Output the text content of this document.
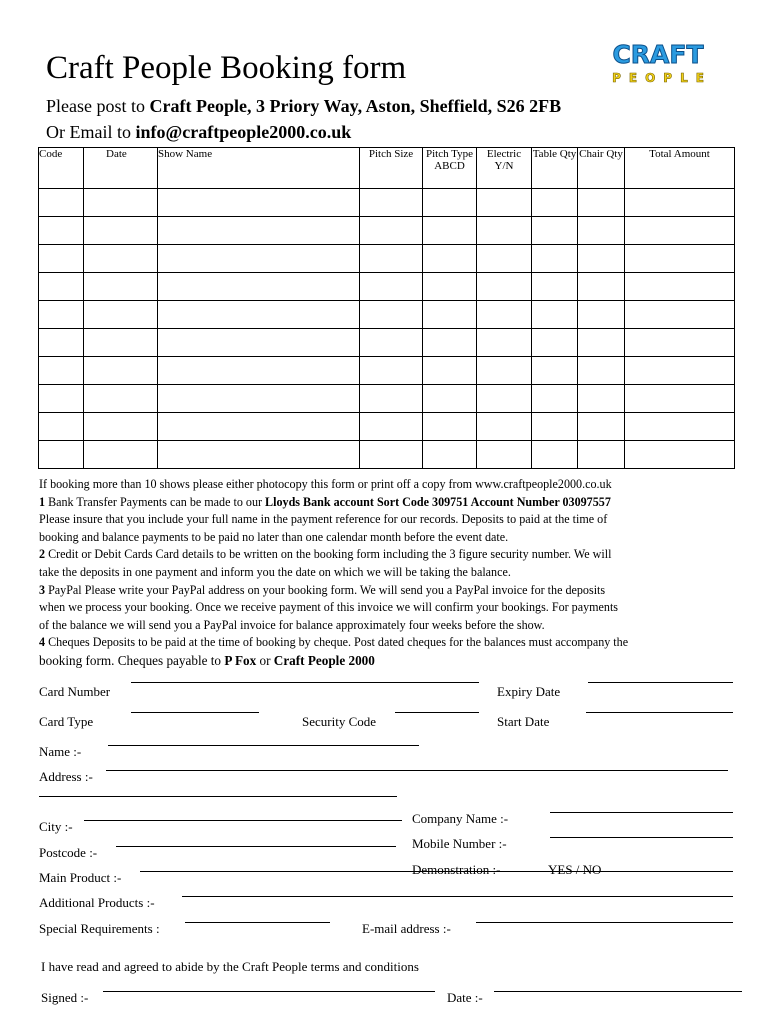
Craft People Booking form	CRAFT
PEOPLE
Please post to Craft People, 3 Priory Way, Aston, Sheffield, S26 2FB
Or Email to info@craftpeople2000.co.uk
Code	Date	Show Name	Pitch Size	Pitch Type ABCD	Electric Y/N	Table Qty	Chair Qty	Total Amount

If booking more than 10 shows please either photocopy this form or print off a copy from www.craftpeople2000.co.uk

1 Bank Transfer Payments can be made to our Lloyds Bank account Sort Code 309751 Account Number 03097557

Please insure that you include your full name in the payment reference for our records. Deposits to paid at the time of

booking and balance payments to be paid no later than one calendar month before the event date.

2 Credit or Debit Cards Card details to be written on the booking form including the 3 figure security number. We will

take the deposits in one payment and inform you the date on which we will be taking the balance.

3 PayPal Please write your PayPal address on your booking form. We will send you a PayPal invoice for the deposits

when we process your booking. Once we receive payment of this invoice we will confirm your bookings. For payments

of the balance we will send you a PayPal invoice for balance approximately four weeks before the show.

4 Cheques Deposits to be paid at the time of booking by cheque. Post dated cheques for the balances must accompany the

booking form. Cheques payable to P Fox or Craft People 2000

Card Number	Expiry Date
Card Type	Security Code	Start Date
Name :-
Address :-
Company Name :-
City :-
Mobile Number :-
Postcode :-
Demonstration :-	YES / NO
Main Product :-
Additional Products :-
Special Requirements :	E-mail address :-
I have read and agreed to abide by the Craft People terms and conditions
Signed :-	Date :-
